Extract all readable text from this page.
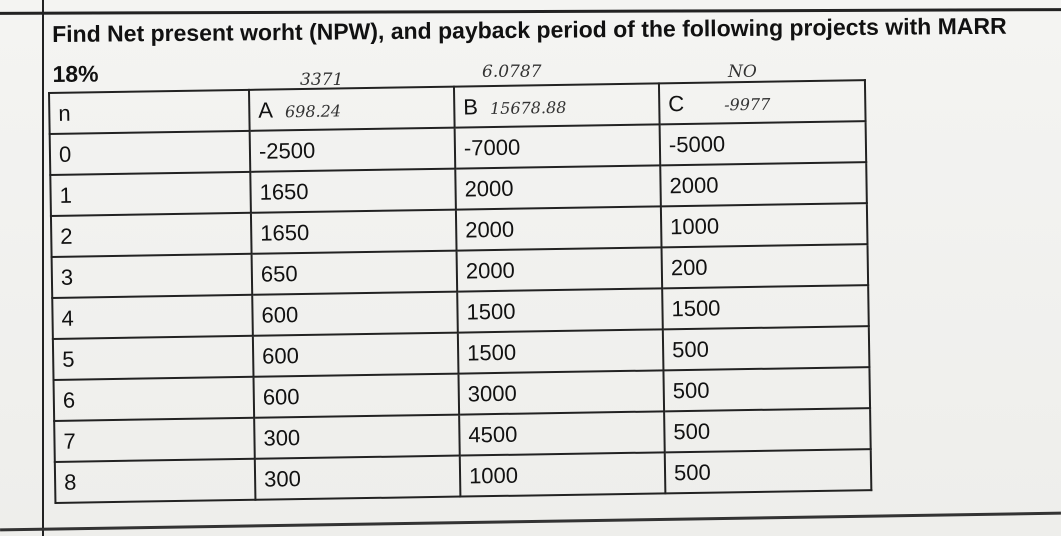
Find Net present worht (NPW), and payback period of the following projects with MARR 18%	3371	6.0787	NO
n	A 698.24	B 15678.88	C -9977
0	-2500	-7000	-5000
1	1650	2000	2000
2	1650	2000	1000
3	650	2000	200
4	600	1500	1500
5	600	1500	500
6	600	3000	500
7	300	4500	500
8	300	1000	500
